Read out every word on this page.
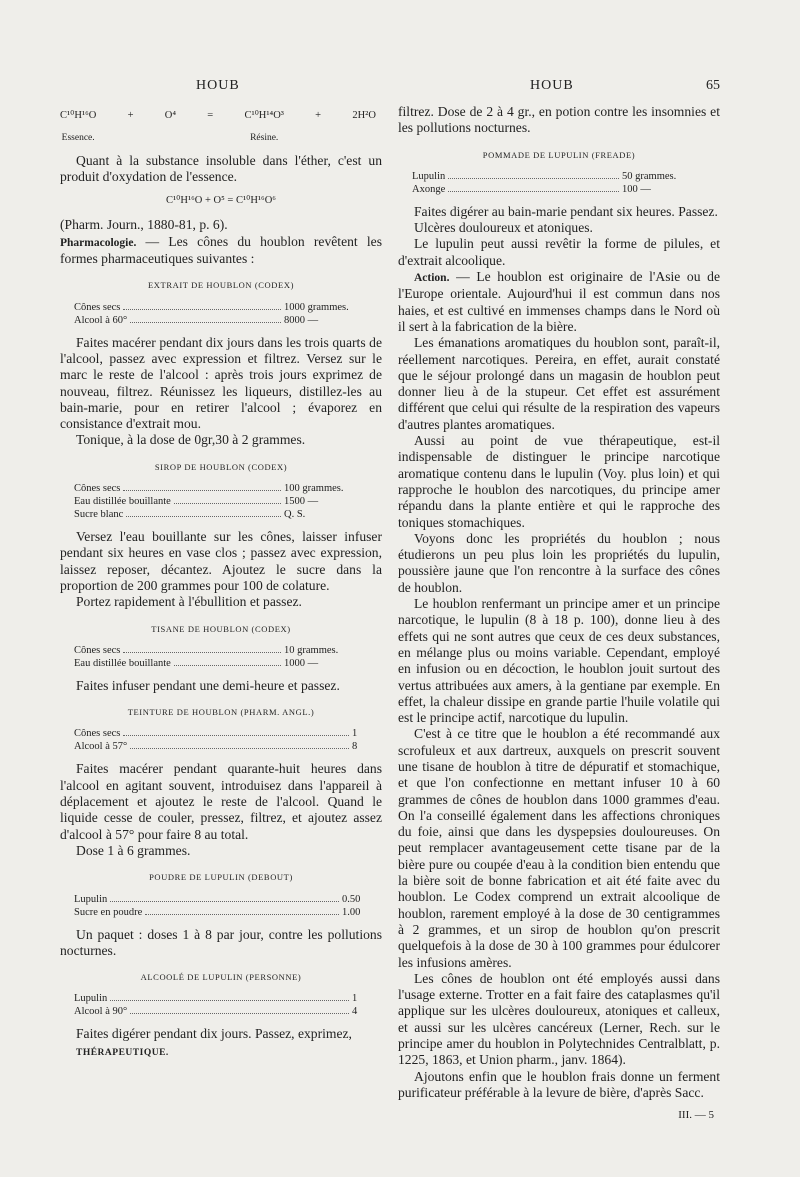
HOUB	HOUB	65
C¹⁰H¹⁶O
Essence.
+	O⁴	=	C¹⁰H¹⁴O³
Résine.
+	2H²O

Quant à la substance insoluble dans l'éther, c'est un produit d'oxydation de l'essence.

C¹⁰H¹⁶O + O⁵ = C¹⁰H¹⁶O⁶

(Pharm. Journ., 1880-81, p. 6).

Pharmacologie. — Les cônes du houblon revêtent les formes pharmaceutiques suivantes :

EXTRAIT DE HOUBLON (CODEX)
Cônes secs	1000 grammes.
Alcool à 60°	8000 —

Faites macérer pendant dix jours dans les trois quarts de l'alcool, passez avec expression et filtrez. Versez sur le marc le reste de l'alcool : après trois jours exprimez de nouveau, filtrez. Réunissez les liqueurs, distillez-les au bain-marie, pour en retirer l'alcool ; évaporez en consistance d'extrait mou.

Tonique, à la dose de 0gr,30 à 2 grammes.

SIROP DE HOUBLON (CODEX)
Cônes secs	100 grammes.
Eau distillée bouillante	1500 —
Sucre blanc	Q. S.

Versez l'eau bouillante sur les cônes, laisser infuser pendant six heures en vase clos ; passez avec expression, laissez reposer, décantez. Ajoutez le sucre dans la proportion de 200 grammes pour 100 de colature.

Portez rapidement à l'ébullition et passez.

TISANE DE HOUBLON (CODEX)
Cônes secs	10 grammes.
Eau distillée bouillante	1000 —

Faites infuser pendant une demi-heure et passez.

TEINTURE DE HOUBLON (PHARM. ANGL.)
Cônes secs	1
Alcool à 57°	8

Faites macérer pendant quarante-huit heures dans l'alcool en agitant souvent, introduisez dans l'appareil à déplacement et ajoutez le reste de l'alcool. Quand le liquide cesse de couler, pressez, filtrez, et ajoutez assez d'alcool à 57° pour faire 8 au total.

Dose 1 à 6 grammes.

POUDRE DE LUPULIN (DEBOUT)
Lupulin	0.50
Sucre en poudre	1.00

Un paquet : doses 1 à 8 par jour, contre les pollutions nocturnes.

ALCOOLÉ DE LUPULIN (PERSONNE)
Lupulin	1
Alcool à 90°	4

Faites digérer pendant dix jours. Passez, exprimez,

THÉRAPEUTIQUE.

filtrez. Dose de 2 à 4 gr., en potion contre les insomnies et les pollutions nocturnes.

POMMADE DE LUPULIN (FREADE)
Lupulin	50 grammes.
Axonge	100 —

Faites digérer au bain-marie pendant six heures. Passez.

Ulcères douloureux et atoniques.

Le lupulin peut aussi revêtir la forme de pilules, et d'extrait alcoolique.

Action. — Le houblon est originaire de l'Asie ou de l'Europe orientale. Aujourd'hui il est commun dans nos haies, et est cultivé en immenses champs dans le Nord où il sert à la fabrication de la bière.

Les émanations aromatiques du houblon sont, paraît-il, réellement narcotiques. Pereira, en effet, aurait constaté que le séjour prolongé dans un magasin de houblon peut donner lieu à de la stupeur. Cet effet est assurément différent que celui qui résulte de la respiration des vapeurs d'autres plantes aromatiques.

Aussi au point de vue thérapeutique, est-il indispensable de distinguer le principe narcotique aromatique contenu dans le lupulin (Voy. plus loin) et qui rapproche le houblon des narcotiques, du principe amer répandu dans la plante entière et qui le rapproche des toniques stomachiques.

Voyons donc les propriétés du houblon ; nous étudierons un peu plus loin les propriétés du lupulin, poussière jaune que l'on rencontre à la surface des cônes de houblon.

Le houblon renfermant un principe amer et un principe narcotique, le lupulin (8 à 18 p. 100), donne lieu à des effets qui ne sont autres que ceux de ces deux substances, en mélange plus ou moins variable. Cependant, employé en infusion ou en décoction, le houblon jouit surtout des vertus attribuées aux amers, à la gentiane par exemple. En effet, la chaleur dissipe en grande partie l'huile volatile qui est le principe actif, narcotique du lupulin.

C'est à ce titre que le houblon a été recommandé aux scrofuleux et aux dartreux, auxquels on prescrit souvent une tisane de houblon à titre de dépuratif et stomachique, et que l'on confectionne en mettant infuser 10 à 60 grammes de cônes de houblon dans 1000 grammes d'eau. On l'a conseillé également dans les affections chroniques du foie, ainsi que dans les dyspepsies douloureuses. On peut remplacer avantageusement cette tisane par de la bière pure ou coupée d'eau à la condition bien entendu que la bière soit de bonne fabrication et ait été faite avec du houblon. Le Codex comprend un extrait alcoolique de houblon, rarement employé à la dose de 30 centigrammes à 2 grammes, et un sirop de houblon qu'on prescrit quelquefois à la dose de 30 à 100 grammes pour édulcorer les infusions amères.

Les cônes de houblon ont été employés aussi dans l'usage externe. Trotter en a fait faire des cataplasmes qu'il applique sur les ulcères douloureux, atoniques et calleux, et aussi sur les ulcères cancéreux (Lerner, Rech. sur le principe amer du houblon in Polytechnides Centralblatt, p. 1225, 1863, et Union pharm., janv. 1864).

Ajoutons enfin que le houblon frais donne un ferment purificateur préférable à la levure de bière, d'après Sacc.

III. — 5
